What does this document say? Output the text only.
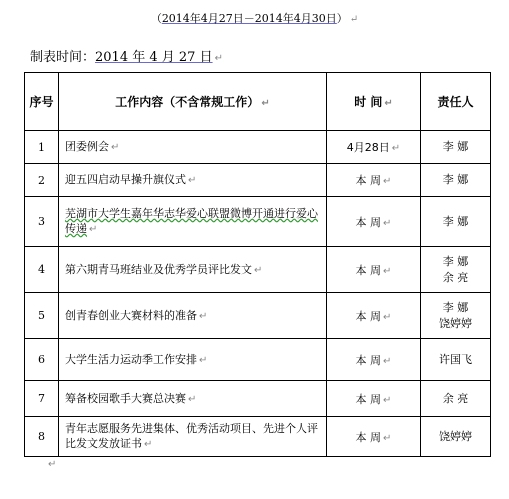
（2014年4月27日－2014年4月30日） ↵
制表时间：2014 年 4 月 27 日 ↵
序号	工作内容（不含常规工作） ↵	时 间 ↵	责任人
1	团委例会 ↵	4月28日 ↵	李 娜

2	迎五四启动早操升旗仪式 ↵	本 周 ↵	李 娜

3	芜湖市大学生嘉年华志华爱心联盟微博开通进行爱心传递 ↵	本 周 ↵	李 娜

4	第六期青马班结业及优秀学员评比发文 ↵	本 周 ↵	李 娜
余 亮

5	创青春创业大赛材料的准备 ↵	本 周 ↵	李 娜
饶婷婷

6	大学生活力运动季工作安排 ↵	本 周 ↵	许国飞

7	筹备校园歌手大赛总决赛 ↵	本 周 ↵	余 亮

8	青年志愿服务先进集体、优秀活动项目、先进个人评比发文发放证书 ↵	本 周 ↵	饶婷婷
↵
